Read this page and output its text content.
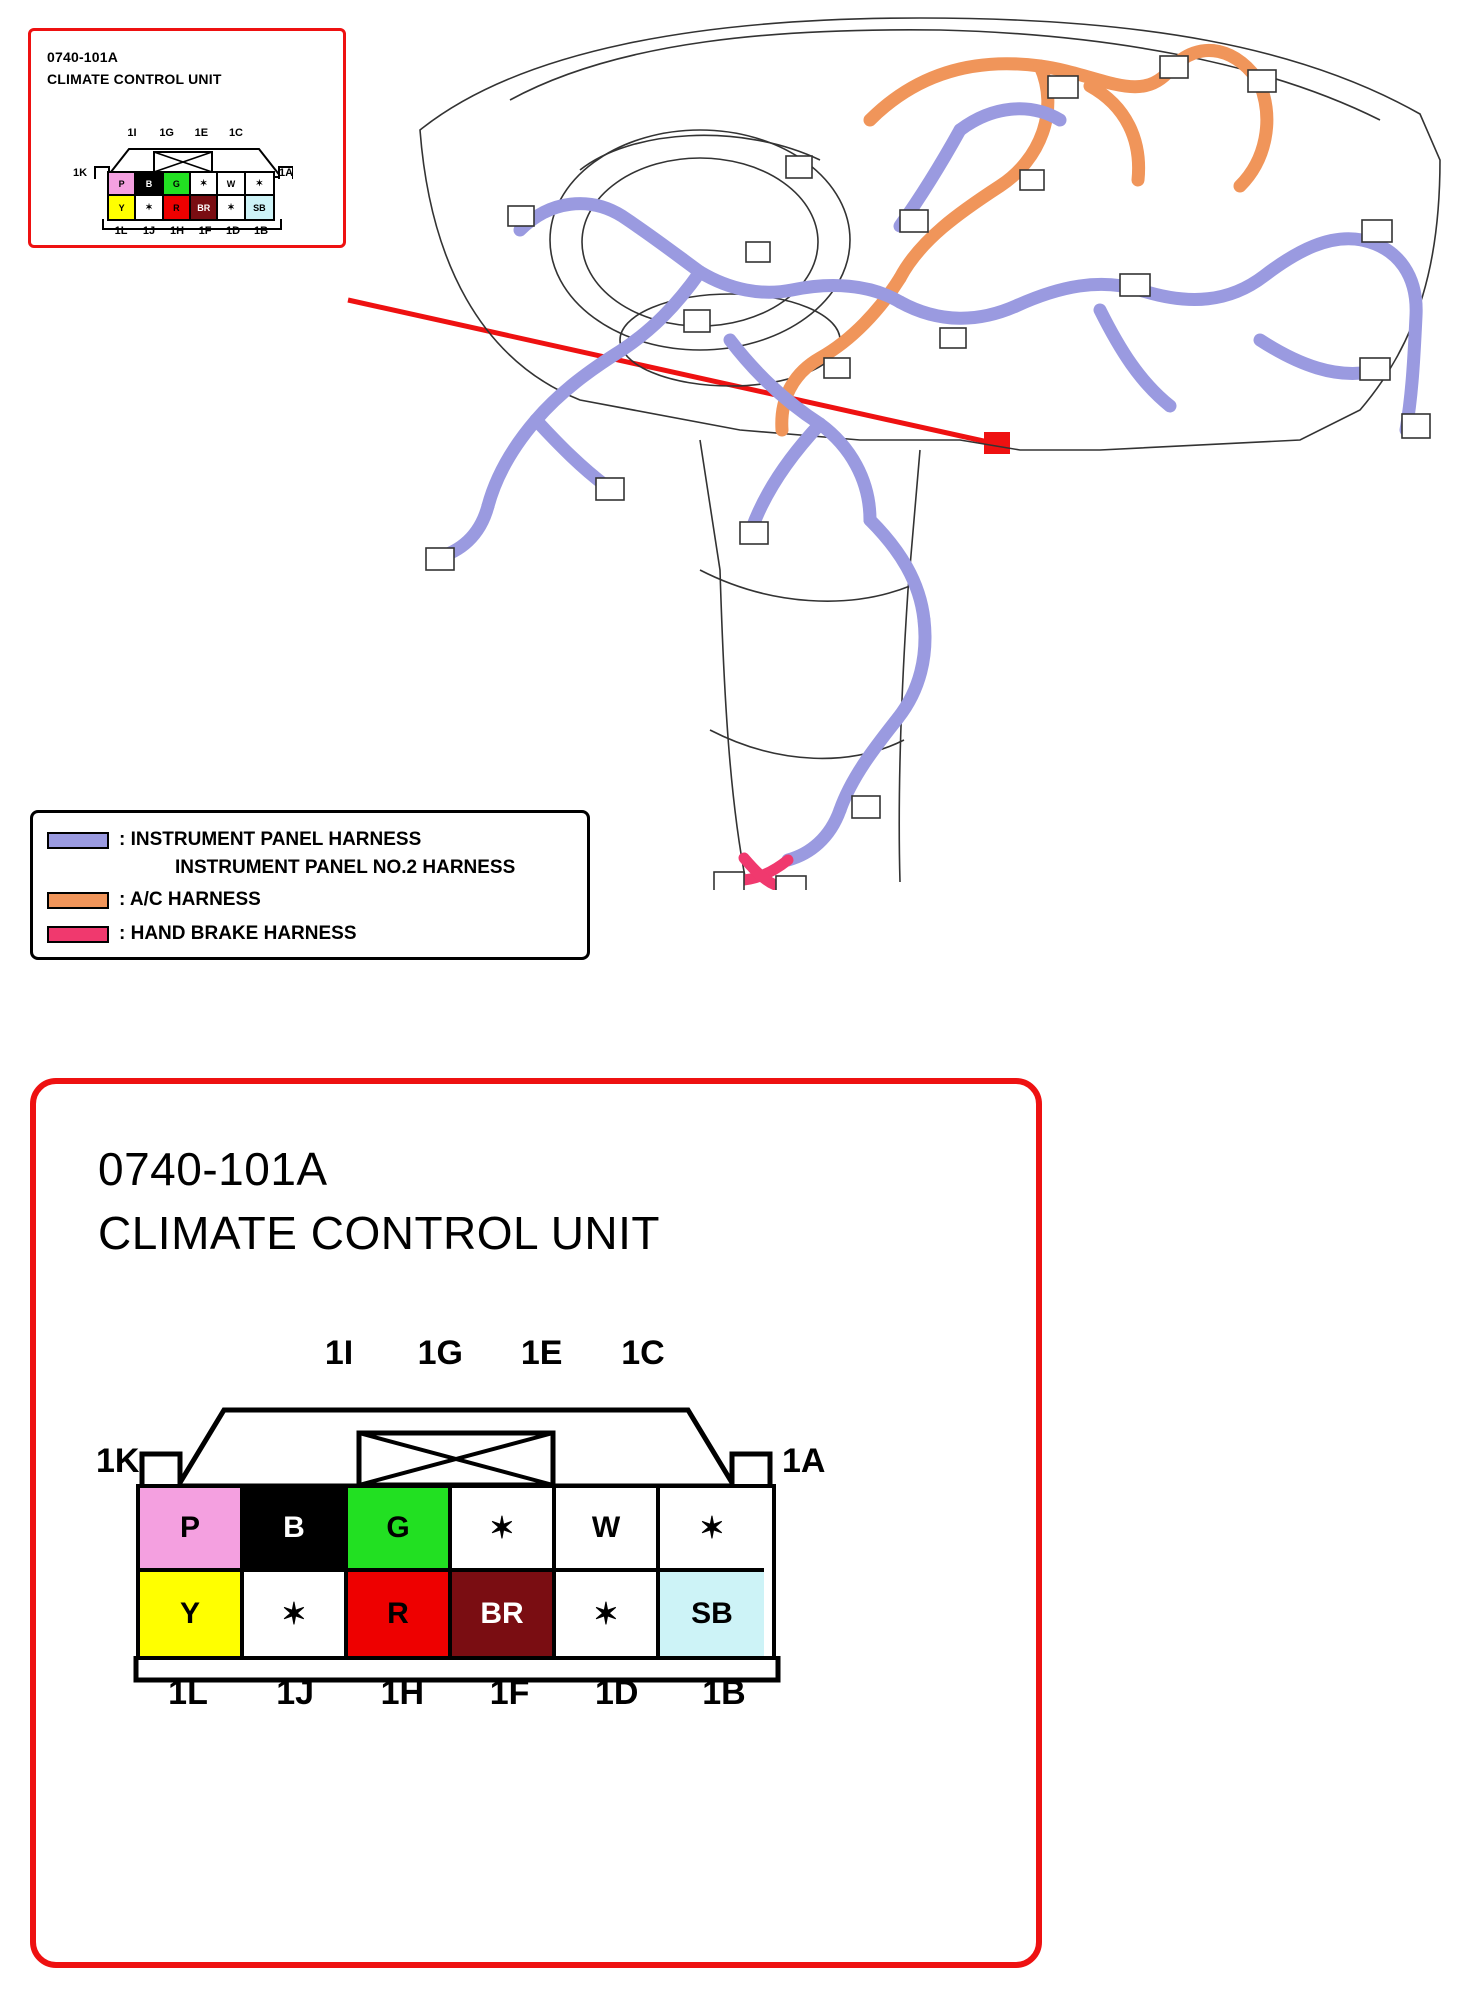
0740-101A
CLIMATE CONTROL UNIT
1I	1G	1E	1C
1K	1A
P B G ✶ W ✶
Y ✶ R BR ✶ SB
1L	1J	1H	1F	1D	1B
: INSTRUMENT PANEL HARNESS
INSTRUMENT PANEL NO.2 HARNESS
: A/C HARNESS
: HAND BRAKE HARNESS
0740-101A
CLIMATE CONTROL UNIT
1I	1G	1E	1C
1K	1A
P	B	G	✶	W	✶
Y	✶	R BR ✶ SB
1L	1J	1H	1F	1D	1B
